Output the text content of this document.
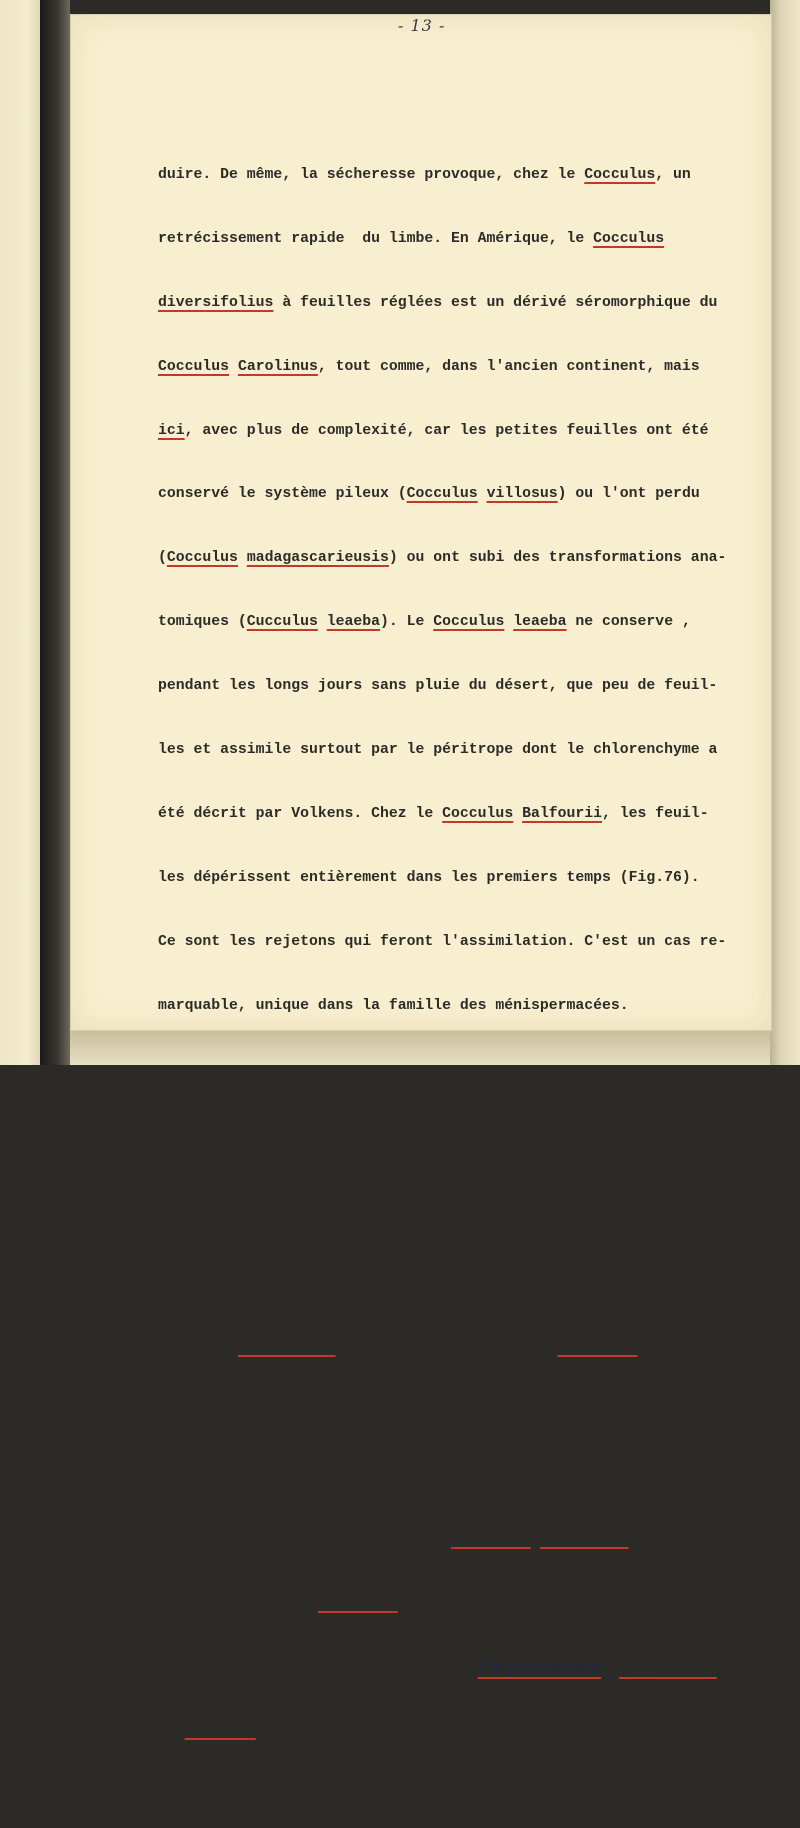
- 13 -

duire. De même, la sécheresse provoque, chez le Cocculus, un

retrécissement rapide  du limbe. En Amérique, le Cocculus

diversifolius à feuilles réglées est un dérivé séromorphique du

Cocculus Carolinus, tout comme, dans l'ancien continent, mais

ici, avec plus de complexité, car les petites feuilles ont été

conservé le système pileux (Cocculus villosus) ou l'ont perdu

(Cocculus madagascarieusis) ou ont subi des transformations ana-

tomiques (Cucculus leaeba). Le Cocculus leaeba ne conserve ,

pendant les longs jours sans pluie du désert, que peu de feuil-

les et assimile surtout par le péritrope dont le chlorenchyme a

été décrit par Volkens. Chez le Cocculus Balfourii, les feuil-

les dépérissent entièrement dans les premiers temps (Fig.76).

Ce sont les rejetons qui feront l'assimilation. C'est un cas re-

marquable, unique dans la famille des ménispermacées.

La feuille de la plupart des ménispermacées ne subit au-

cun renouvellement régulier et périodique. Celles-ci sont donc

des plantes à feuilles persistantes. De nombreux Tinosporlac,

quelques Cissampelos et certaines espèces de Stephania, font

exception (chûte totale des feuilles pendant la période de la

sécheresse). Cette chûte correspond, pour le stephania

à la floraison - de même pour le Stéphania cyananthea et cer-

taines espèces de Stéphania des Indes et de la Chine. La chûte

périodique des feuilles des espèces Calycocarpum, Menispernum

et Cocculus est tout-à-fait normale dans les contrées froides

(l'hiver dans l'hémisphère boréal.)
